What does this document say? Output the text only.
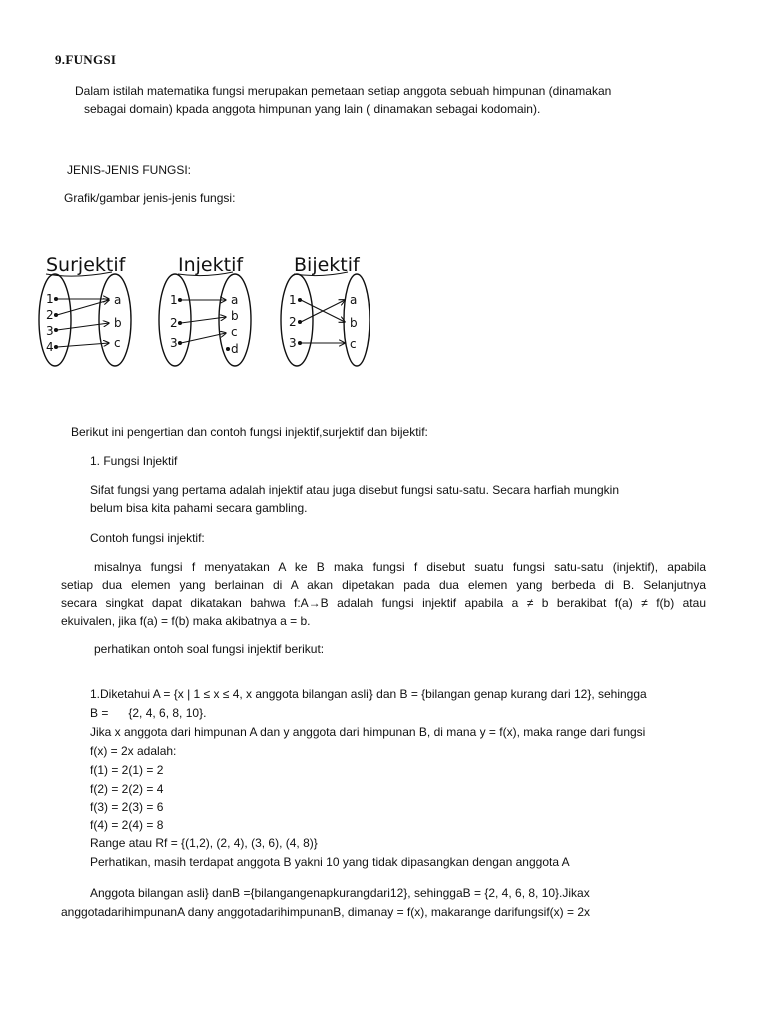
9.FUNGSI
Dalam istilah matematika fungsi merupakan pemetaan setiap anggota sebuah himpunan (dinamakan
sebagai domain) kpada anggota himpunan yang lain ( dinamakan sebagai kodomain).
JENIS-JENIS FUNGSI:
Grafik/gambar jenis-jenis fungsi:
Surjektif
1
2
3
4
a
b
c
Injektif
1
2
3
a
b
c
d
Bijektif
1
2
3
a
b
c
Berikut ini pengertian dan contoh fungsi injektif,surjektif dan bijektif:
1. Fungsi Injektif
Sifat fungsi yang pertama adalah injektif atau juga disebut fungsi satu-satu. Secara harfiah mungkin
belum bisa kita pahami secara gambling.
Contoh fungsi injektif:
misalnya fungsi f menyatakan A ke B maka fungsi f disebut suatu fungsi satu-satu (injektif), apabila
setiap dua elemen yang berlainan di A akan dipetakan pada dua elemen yang berbeda di B. Selanjutnya
secara singkat dapat dikatakan bahwa f:A→B adalah fungsi injektif apabila a ≠ b berakibat f(a) ≠ f(b) atau
ekuivalen, jika f(a) = f(b) maka akibatnya a = b.
perhatikan ontoh soal fungsi injektif berikut:
1.Diketahui A = {x | 1 ≤ x ≤ 4, x anggota bilangan asli} dan B = {bilangan genap kurang dari 12}, sehingga
B =      {2, 4, 6, 8, 10}.
Jika x anggota dari himpunan A dan y anggota dari himpunan B, di mana y = f(x), maka range dari fungsi
f(x) = 2x adalah:
f(1) = 2(1) = 2
f(2) = 2(2) = 4
f(3) = 2(3) = 6
f(4) = 2(4) = 8
Range atau Rf = {(1,2), (2, 4), (3, 6), (4, 8)}
Perhatikan, masih terdapat anggota B yakni 10 yang tidak dipasangkan dengan anggota A
Anggota bilangan asli} danB ={bilangangenapkurangdari12}, sehinggaB = {2, 4, 6, 8, 10}.Jikax
anggotadarihimpunanA dany anggotadarihimpunanB, dimanay = f(x), makarange darifungsif(x) = 2x
